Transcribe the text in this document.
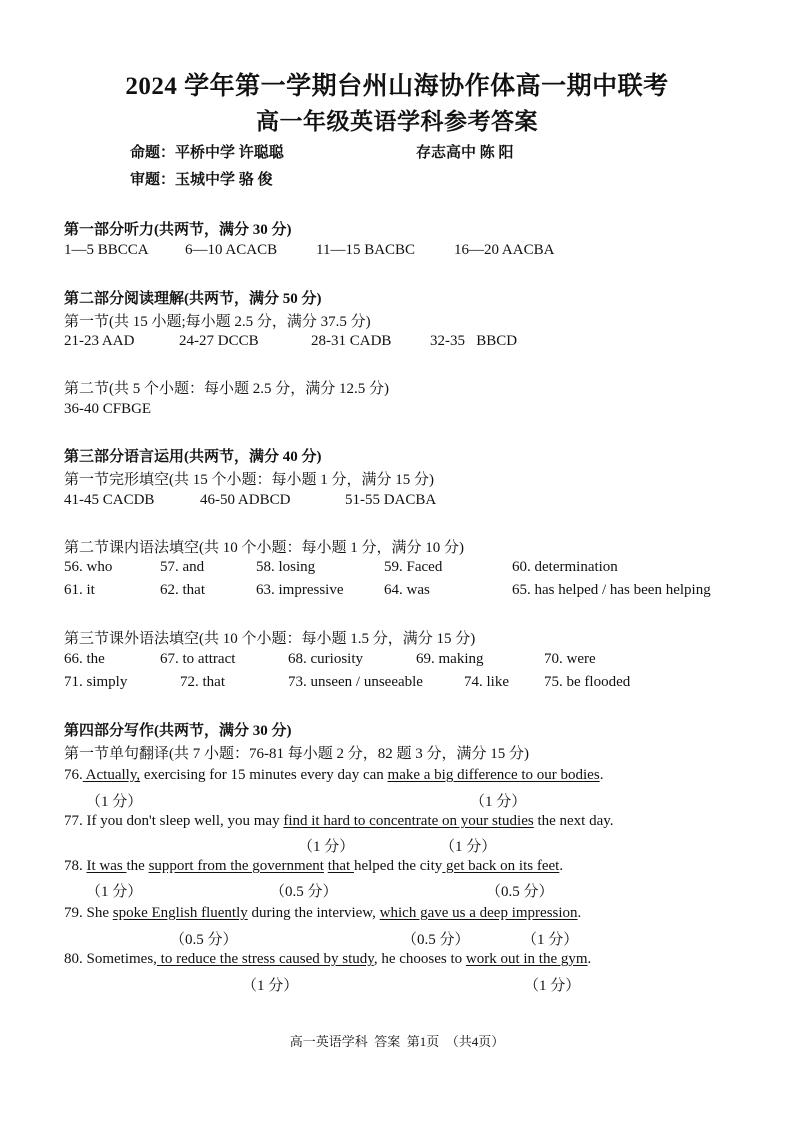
2024 学年第一学期台州山海协作体高一期中联考
高一年级英语学科参考答案
命题：平桥中学 许聪聪	存志高中 陈 阳
审题：玉城中学 骆 俊
第一部分听力(共两节，满分 30 分)
1—5 BBCCA 6—10 ACACB	11—15 BACBC	16—20 AACBA
第二部分阅读理解(共两节，满分 50 分)
第一节(共 15 小题;每小题 2.5 分，满分 37.5 分)
21-23 AAD	24-27 DCCB	28-31 CADB	32-35   BBCD
第二节(共 5 个小题：每小题 2.5 分，满分 12.5 分)
36-40 CFBGE
第三部分语言运用(共两节，满分 40 分)
第一节完形填空(共 15 个小题：每小题 1 分，满分 15 分)
41-45 CACDB	46-50 ADBCD	51-55 DACBA
第二节课内语法填空(共 10 个小题：每小题 1 分，满分 10 分)
56. who	57. and	58. losing	59. Faced	60. determination
61. it	62. that	63. impressive	64. was	65. has helped / has been helping
第三节课外语法填空(共 10 个小题：每小题 1.5 分，满分 15 分)
66. the	67. to attract	68. curiosity	69. making	70. were
71. simply	72. that	73. unseen / unseeable	74. like 75. be flooded
第四部分写作(共两节，满分 30 分)
第一节单句翻译(共 7 小题：76-81 每小题 2 分，82 题 3 分，满分 15 分)
76. Actually, exercising for 15 minutes every day can make a big difference to our bodies.
（1 分）	（1 分）
77. If you don't sleep well, you may find it hard to concentrate on your studies the next day.
（1 分）	（1 分）
78. It was the support from the government that helped the city get back on its feet.
（1 分）	（0.5 分）	（0.5 分）
79. She spoke English fluently during the interview, which gave us a deep impression.
（0.5 分）	（0.5 分）	（1 分）
80. Sometimes, to reduce the stress caused by study, he chooses to work out in the gym.
（1 分）	（1 分）
高一英语学科  答案  第1页  （共4页）
